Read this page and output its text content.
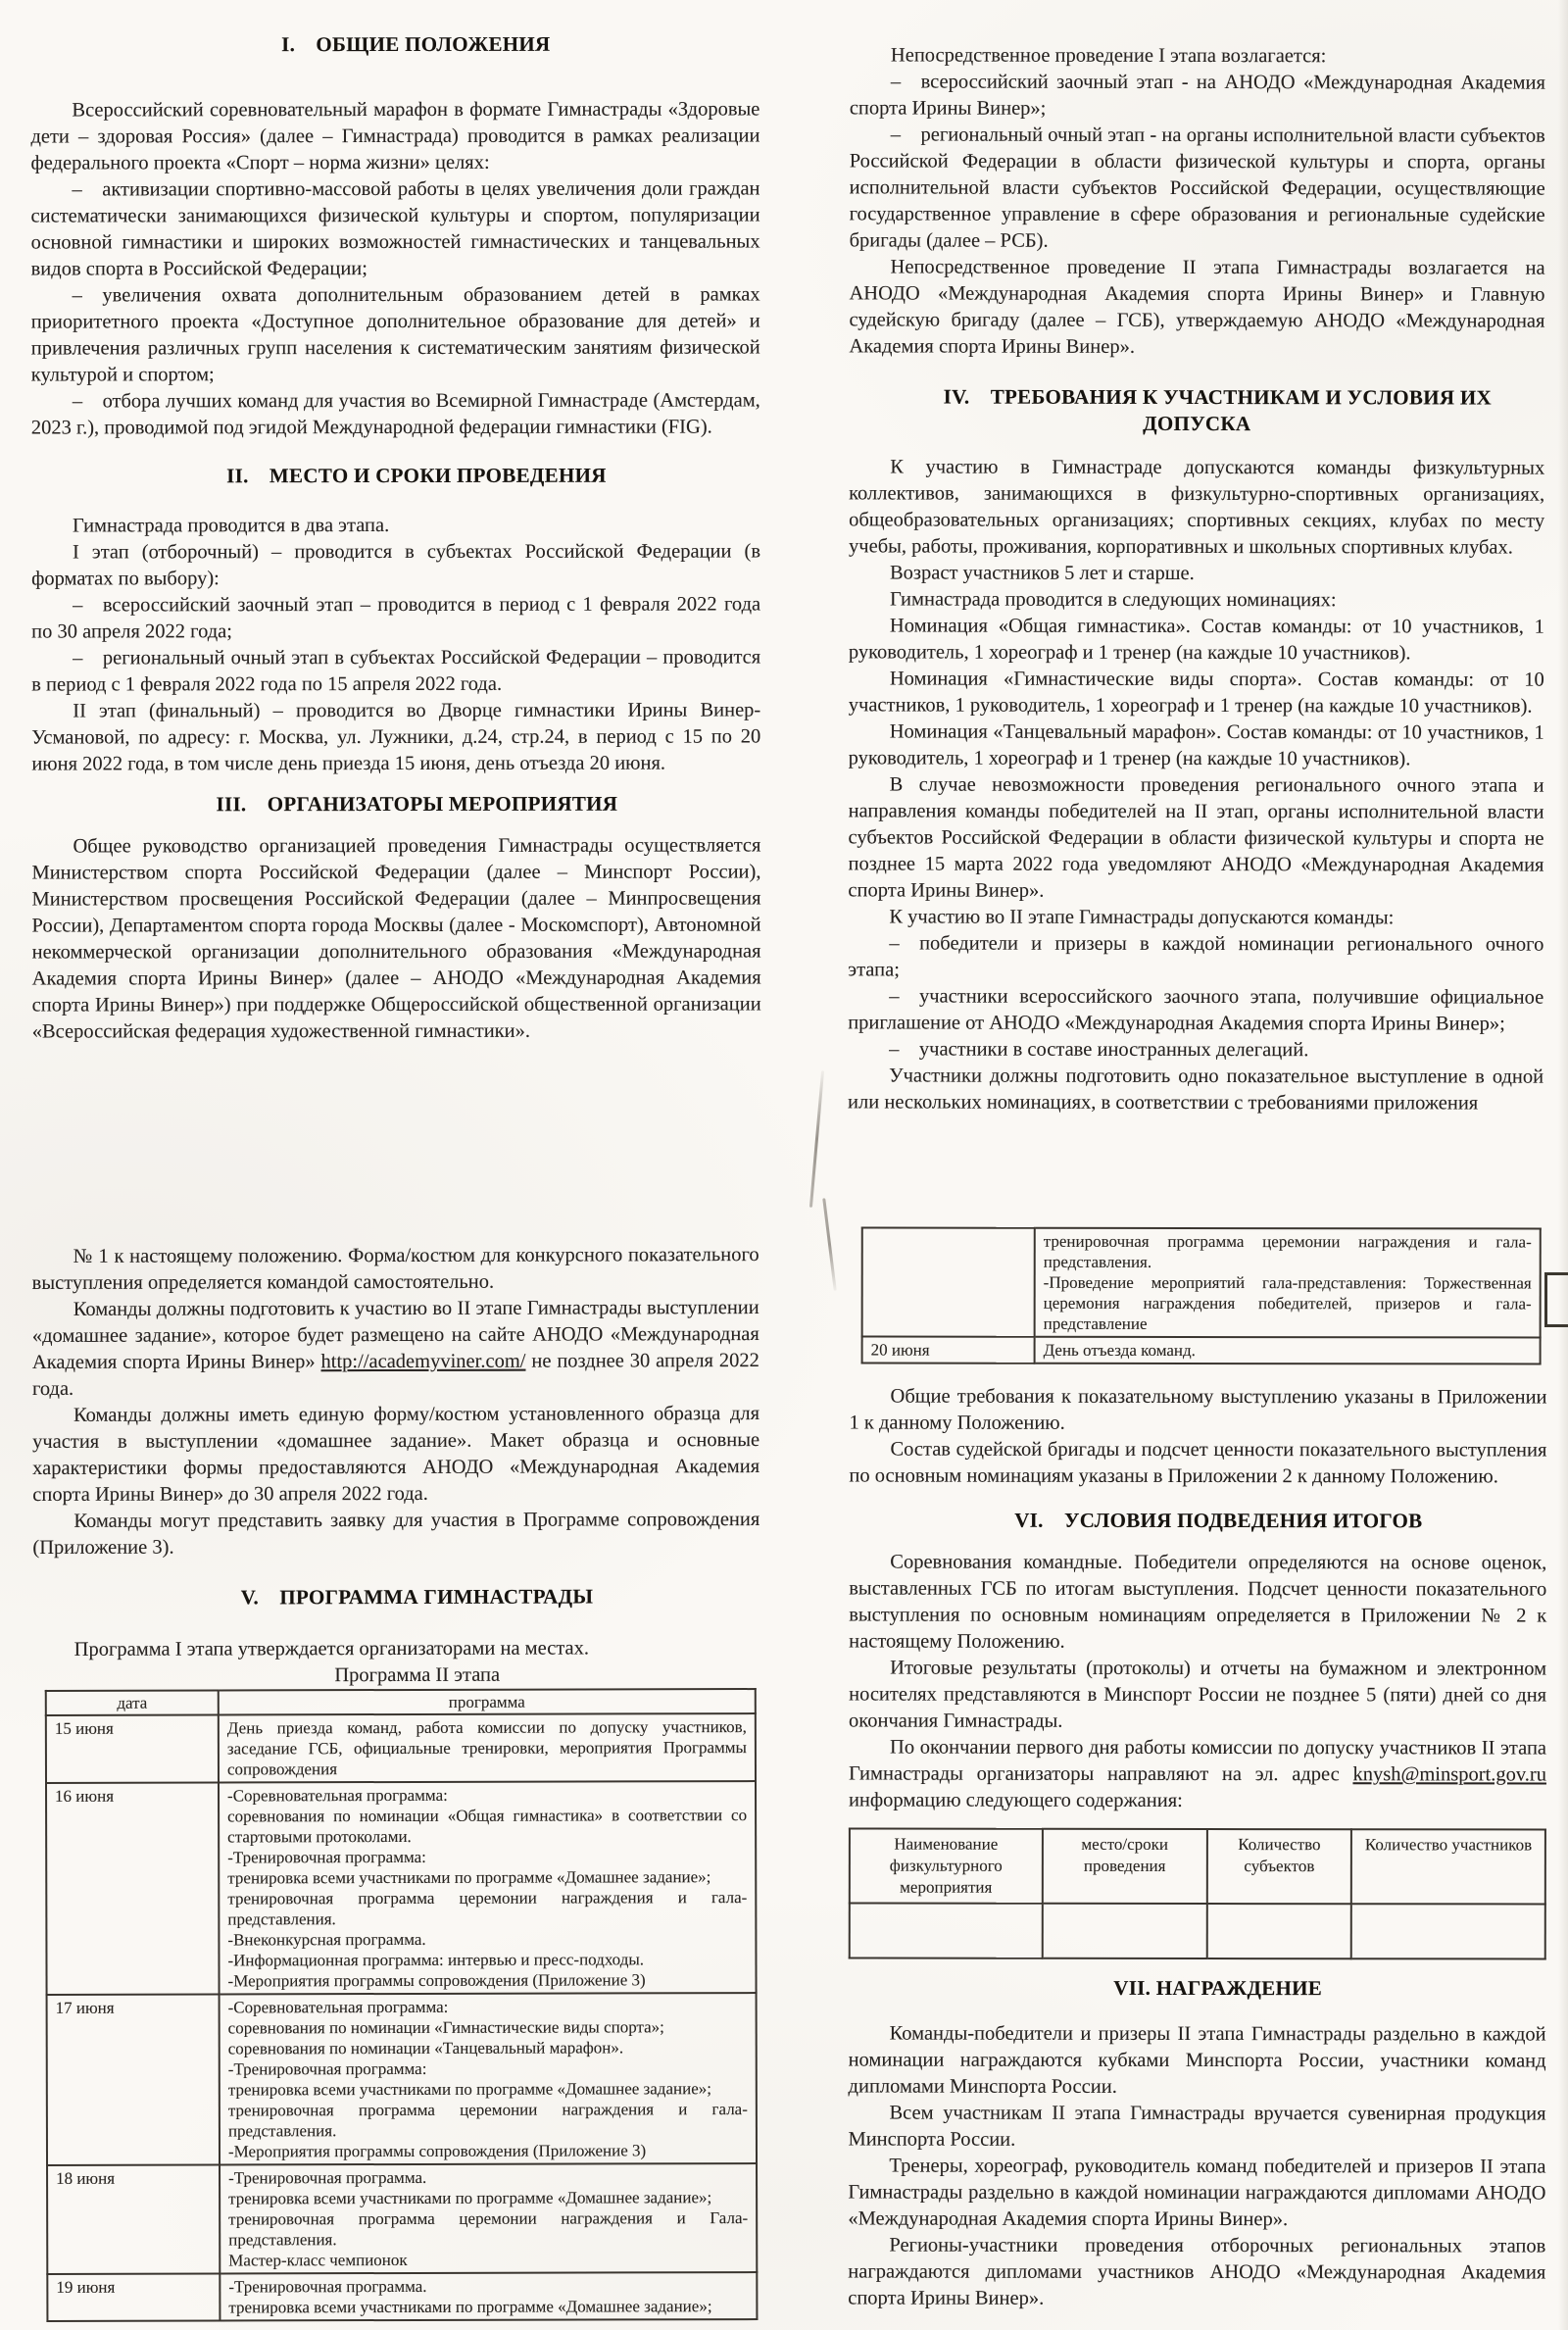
I. ОБЩИЕ ПОЛОЖЕНИЯ

Всероссийский соревновательный марафон в формате Гимнастрады «Здоровые дети – здоровая Россия» (далее – Гимнастрада) проводится в рамках реализации федерального проекта «Спорт – норма жизни» целях:

– активизации спортивно-массовой работы в целях увеличения доли граждан систематически занимающихся физической культуры и спортом, популяризации основной гимнастики и широких возможностей гимнастических и танцевальных видов спорта в Российской Федерации;

– увеличения охвата дополнительным образованием детей в рамках приоритетного проекта «Доступное дополнительное образование для детей» и привлечения различных групп населения к систематическим занятиям физической культурой и спортом;

– отбора лучших команд для участия во Всемирной Гимнастраде (Амстердам, 2023 г.), проводимой под эгидой Международной федерации гимнастики (FIG).

II. МЕСТО И СРОКИ ПРОВЕДЕНИЯ

Гимнастрада проводится в два этапа.

I этап (отборочный) – проводится в субъектах Российской Федерации (в форматах по выбору):

– всероссийский заочный этап – проводится в период с 1 февраля 2022 года по 30 апреля 2022 года;

– региональный очный этап в субъектах Российской Федерации – проводится в период с 1 февраля 2022 года по 15 апреля 2022 года.

II этап (финальный) – проводится во Дворце гимнастики Ирины Винер-Усмановой, по адресу: г. Москва, ул. Лужники, д.24, стр.24, в период с 15 по 20 июня 2022 года, в том числе день приезда 15 июня, день отъезда 20 июня.

III. ОРГАНИЗАТОРЫ МЕРОПРИЯТИЯ

Общее руководство организацией проведения Гимнастрады осуществляется Министерством спорта Российской Федерации (далее – Минспорт России), Министерством просвещения Российской Федерации (далее – Минпросвещения России), Департаментом спорта города Москвы (далее - Москомспорт), Автономной некоммерческой организации дополнительного образования «Международная Академия спорта Ирины Винер» (далее – АНОДО «Международная Академия спорта Ирины Винер») при поддержке Общероссийской общественной организации «Всероссийская федерация художественной гимнастики».

Непосредственное проведение I этапа возлагается:

– всероссийский заочный этап - на АНОДО «Международная Академия спорта Ирины Винер»;

– региональный очный этап - на органы исполнительной власти субъектов Российской Федерации в области физической культуры и спорта, органы исполнительной власти субъектов Российской Федерации, осуществляющие государственное управление в сфере образования и региональные судейские бригады (далее – РСБ).

Непосредственное проведение II этапа Гимнастрады возлагается на АНОДО «Международная Академия спорта Ирины Винер» и Главную судейскую бригаду (далее – ГСБ), утверждаемую АНОДО «Международная Академия спорта Ирины Винер».

IV. ТРЕБОВАНИЯ К УЧАСТНИКАМ И УСЛОВИЯ ИХ ДОПУСКА

К участию в Гимнастраде допускаются команды физкультурных коллективов, занимающихся в физкультурно-спортивных организациях, общеобразовательных организациях; спортивных секциях, клубах по месту учебы, работы, проживания, корпоративных и школьных спортивных клубах.

Возраст участников 5 лет и старше.

Гимнастрада проводится в следующих номинациях:

Номинация «Общая гимнастика». Состав команды: от 10 участников, 1 руководитель, 1 хореограф и 1 тренер (на каждые 10 участников).

Номинация «Гимнастические виды спорта». Состав команды: от 10 участников, 1 руководитель, 1 хореограф и 1 тренер (на каждые 10 участников).

Номинация «Танцевальный марафон». Состав команды: от 10 участников, 1 руководитель, 1 хореограф и 1 тренер (на каждые 10 участников).

В случае невозможности проведения регионального очного этапа и направления команды победителей на II этап, органы исполнительной власти субъектов Российской Федерации в области физической культуры и спорта не позднее 15 марта 2022 года уведомляют АНОДО «Международная Академия спорта Ирины Винер».

К участию во II этапе Гимнастрады допускаются команды:

– победители и призеры в каждой номинации регионального очного этапа;

– участники всероссийского заочного этапа, получившие официальное приглашение от АНОДО «Международная Академия спорта Ирины Винер»;

– участники в составе иностранных делегаций.

Участники должны подготовить одно показательное выступление в одной или нескольких номинациях, в соответствии с требованиями приложения

№ 1 к настоящему положению. Форма/костюм для конкурсного показательного выступления определяется командой самостоятельно.

Команды должны подготовить к участию во II этапе Гимнастрады выступлении «домашнее задание», которое будет размещено на сайте АНОДО «Международная Академия спорта Ирины Винер» http://academyviner.com/ не позднее 30 апреля 2022 года.

Команды должны иметь единую форму/костюм установленного образца для участия в выступлении «домашнее задание». Макет образца и основные характеристики формы предоставляются АНОДО «Международная Академия спорта Ирины Винер» до 30 апреля 2022 года.

Команды могут представить заявку для участия в Программе сопровождения (Приложение 3).

V. ПРОГРАММА ГИМНАСТРАДЫ

Программа I этапа утверждается организаторами на местах.

Программа II этапа

дата	программа
15 июня	День приезда команд, работа комиссии по допуску участников, заседание ГСБ, официальные тренировки, мероприятия Программы сопровождения

16 июня	-Соревновательная программа:
соревнования по номинации «Общая гимнастика» в соответствии со стартовыми протоколами.
-Тренировочная программа:
тренировка всеми участниками по программе «Домашнее задание»;
тренировочная программа церемонии награждения и гала-представления.
-Внеконкурсная программа.
-Информационная программа: интервью и пресс-подходы.
-Мероприятия программы сопровождения (Приложение 3)

17 июня	-Соревновательная программа:
соревнования по номинации «Гимнастические виды спорта»;
соревнования по номинации «Танцевальный марафон».
-Тренировочная программа:
тренировка всеми участниками по программе «Домашнее задание»;
тренировочная программа церемонии награждения и гала-представления.
-Мероприятия программы сопровождения (Приложение 3)

18 июня	-Тренировочная программа.
тренировка всеми участниками по программе «Домашнее задание»;
тренировочная программа церемонии награждения и Гала-представления.
Мастер-класс чемпионок

19 июня	-Тренировочная программа.
тренировка всеми участниками по программе «Домашнее задание»;

	тренировочная программа церемонии награждения и гала-представления.
-Проведение мероприятий гала-представления: Торжественная церемония награждения победителей, призеров и гала-представление

20 июня	День отъезда команд.

Общие требования к показательному выступлению указаны в Приложении 1 к данному Положению.

Состав судейской бригады и подсчет ценности показательного выступления по основным номинациям указаны в Приложении 2 к данному Положению.

VI. УСЛОВИЯ ПОДВЕДЕНИЯ ИТОГОВ

Соревнования командные. Победители определяются на основе оценок, выставленных ГСБ по итогам выступления. Подсчет ценности показательного выступления по основным номинациям определяется в Приложении № 2 к настоящему Положению.

Итоговые результаты (протоколы) и отчеты на бумажном и электронном носителях представляются в Минспорт России не позднее 5 (пяти) дней со дня окончания Гимнастрады.

По окончании первого дня работы комиссии по допуску участников II этапа Гимнастрады организаторы направляют на эл. адрес knysh@minsport.gov.ru информацию следующего содержания:

Наименование физкультурного мероприятия	место/сроки проведения	Количество субъектов	Количество участников

VII. НАГРАЖДЕНИЕ

Команды-победители и призеры II этапа Гимнастрады раздельно в каждой номинации награждаются кубками Минспорта России, участники команд дипломами Минспорта России.

Всем участникам II этапа Гимнастрады вручается сувенирная продукция Минспорта России.

Тренеры, хореограф, руководитель команд победителей и призеров II этапа Гимнастрады раздельно в каждой номинации награждаются дипломами АНОДО «Международная Академия спорта Ирины Винер».

Регионы-участники проведения отборочных региональных этапов награждаются дипломами участников АНОДО «Международная Академия спорта Ирины Винер».
